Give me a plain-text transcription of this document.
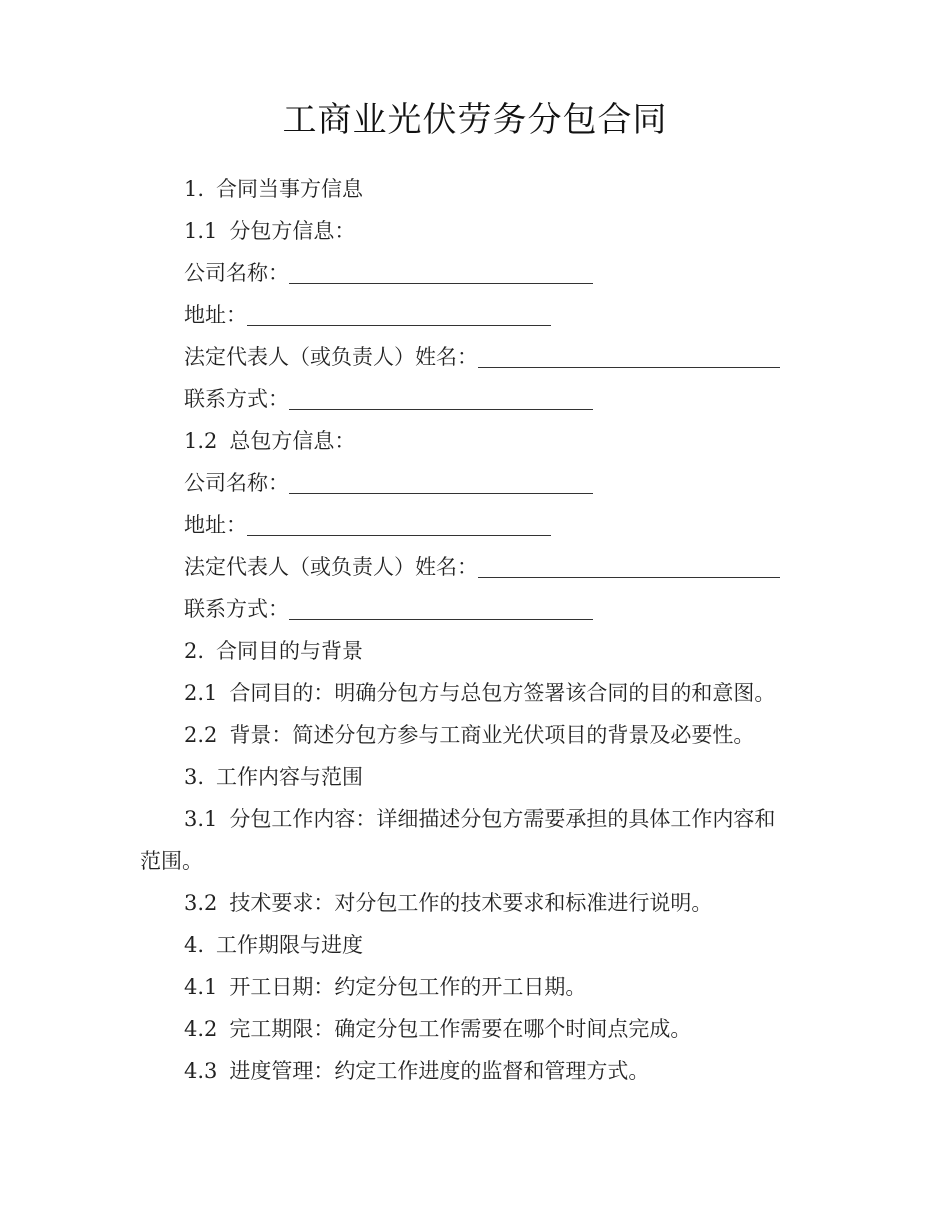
工商业光伏劳务分包合同
1. 合同当事方信息
1.1 分包方信息：
公司名称：
地址：
法定代表人（或负责人）姓名：
联系方式：
1.2 总包方信息：
公司名称：
地址：
法定代表人（或负责人）姓名：
联系方式：
2. 合同目的与背景
2.1 合同目的：明确分包方与总包方签署该合同的目的和意图。
2.2 背景：简述分包方参与工商业光伏项目的背景及必要性。
3. 工作内容与范围
3.1 分包工作内容：详细描述分包方需要承担的具体工作内容和
范围。
3.2 技术要求：对分包工作的技术要求和标准进行说明。
4. 工作期限与进度
4.1 开工日期：约定分包工作的开工日期。
4.2 完工期限：确定分包工作需要在哪个时间点完成。
4.3 进度管理：约定工作进度的监督和管理方式。
